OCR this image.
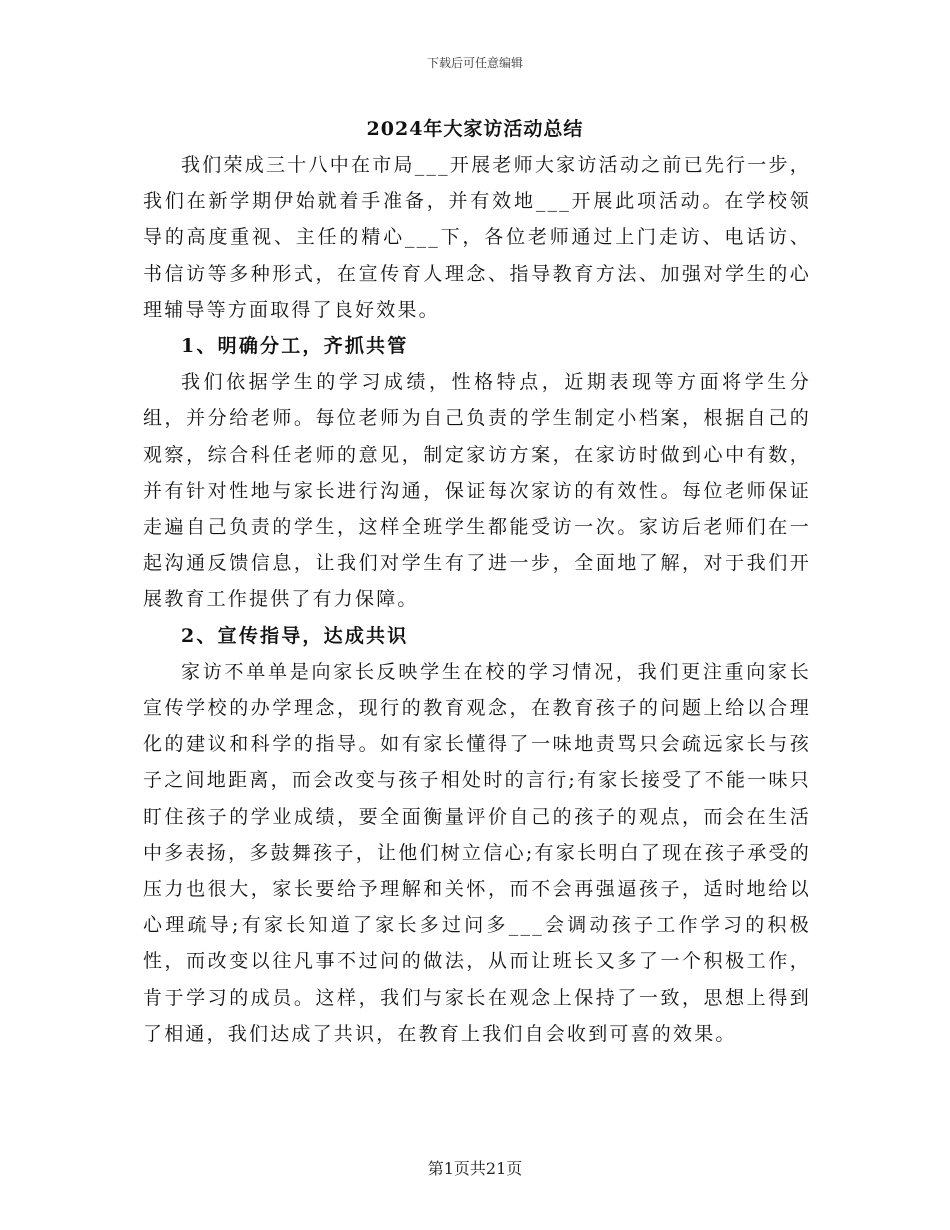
下载后可任意编辑
2024年大家访活动总结

我们荣成三十八中在市局___开展老师大家访活动之前已先行一步，我们在新学期伊始就着手准备，并有效地___开展此项活动。在学校领导的高度重视、主任的精心___下，各位老师通过上门走访、电话访、书信访等多种形式，在宣传育人理念、指导教育方法、加强对学生的心理辅导等方面取得了良好效果。

1、明确分工，齐抓共管

我们依据学生的学习成绩，性格特点，近期表现等方面将学生分组，并分给老师。每位老师为自己负责的学生制定小档案，根据自己的观察，综合科任老师的意见，制定家访方案，在家访时做到心中有数，并有针对性地与家长进行沟通，保证每次家访的有效性。每位老师保证走遍自己负责的学生，这样全班学生都能受访一次。家访后老师们在一起沟通反馈信息，让我们对学生有了进一步，全面地了解，对于我们开展教育工作提供了有力保障。

2、宣传指导，达成共识

家访不单单是向家长反映学生在校的学习情况，我们更注重向家长宣传学校的办学理念，现行的教育观念，在教育孩子的问题上给以合理化的建议和科学的指导。如有家长懂得了一味地责骂只会疏远家长与孩子之间地距离，而会改变与孩子相处时的言行;有家长接受了不能一味只盯住孩子的学业成绩，要全面衡量评价自己的孩子的观点，而会在生活中多表扬，多鼓舞孩子，让他们树立信心;有家长明白了现在孩子承受的压力也很大，家长要给予理解和关怀，而不会再强逼孩子，适时地给以心理疏导;有家长知道了家长多过问多___会调动孩子工作学习的积极性，而改变以往凡事不过问的做法，从而让班长又多了一个积极工作，肯于学习的成员。这样，我们与家长在观念上保持了一致，思想上得到了相通，我们达成了共识，在教育上我们自会收到可喜的效果。

第1页共21页
